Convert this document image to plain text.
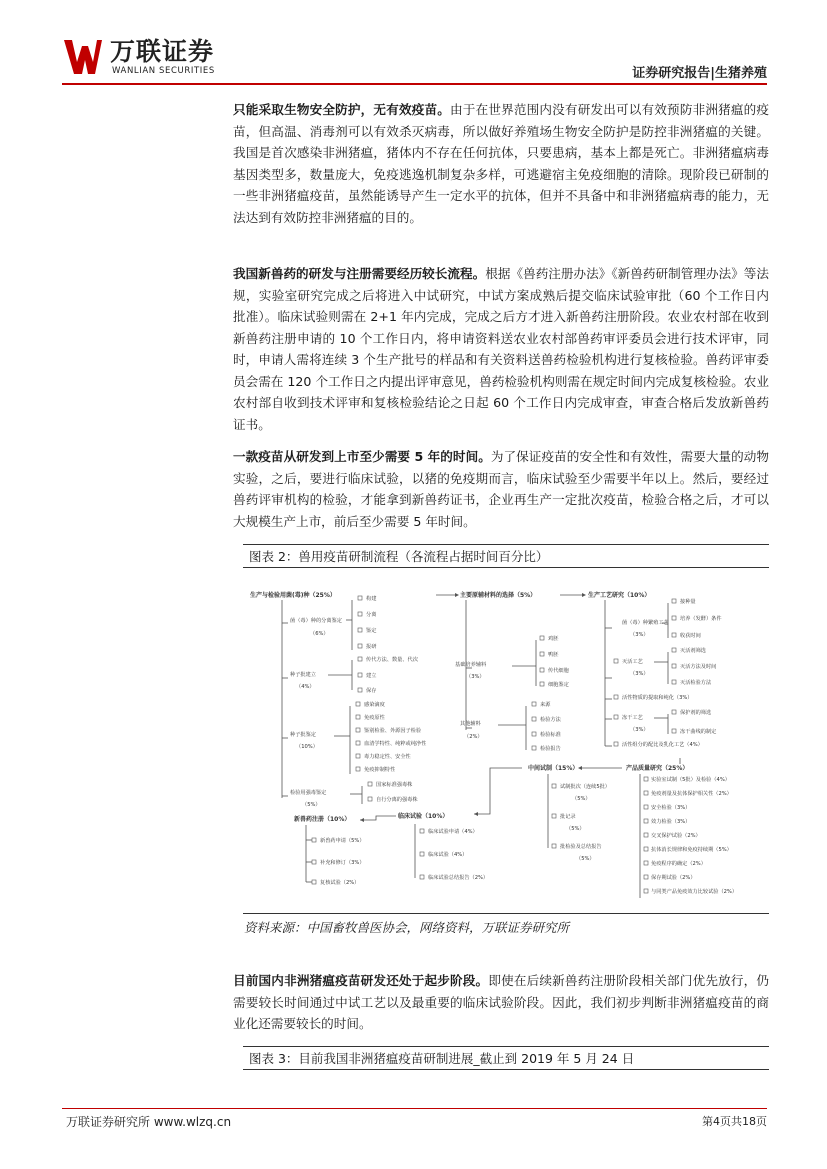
万联证券
WANLIAN SECURITIES	证券研究报告|生猪养殖

只能采取生物安全防护，无有效疫苗。由于在世界范围内没有研发出可以有效预防非洲猪瘟的疫苗，但高温、消毒剂可以有效杀灭病毒，所以做好养殖场生物安全防护是防控非洲猪瘟的关键。我国是首次感染非洲猪瘟，猪体内不存在任何抗体，只要患病，基本上都是死亡。非洲猪瘟病毒基因类型多，数量庞大，免疫逃逸机制复杂多样，可逃避宿主免疫细胞的清除。现阶段已研制的一些非洲猪瘟疫苗，虽然能诱导产生一定水平的抗体，但并不具备中和非洲猪瘟病毒的能力，无法达到有效防控非洲猪瘟的目的。

我国新兽药的研发与注册需要经历较长流程。根据《兽药注册办法》《新兽药研制管理办法》等法规，实验室研究完成之后将进入中试研究，中试方案成熟后提交临床试验审批（60 个工作日内批准）。临床试验则需在 2+1 年内完成，完成之后方才进入新兽药注册阶段。农业农村部在收到新兽药注册申请的 10 个工作日内，将申请资料送农业农村部兽药审评委员会进行技术评审，同时，申请人需将连续 3 个生产批号的样品和有关资料送兽药检验机构进行复核检验。兽药评审委员会需在 120 个工作日之内提出评审意见，兽药检验机构则需在规定时间内完成复核检验。农业农村部自收到技术评审和复核检验结论之日起 60 个工作日内完成审查，审查合格后发放新兽药证书。

一款疫苗从研发到上市至少需要 5 年的时间。为了保证疫苗的安全性和有效性，需要大量的动物实验，之后，要进行临床试验，以猪的免疫期而言，临床试验至少需要半年以上。然后，要经过兽药评审机构的检验，才能拿到新兽药证书，企业再生产一定批次疫苗，检验合格之后，才可以大规模生产上市，前后至少需要 5 年时间。

图表 2：兽用疫苗研制流程（各流程占据时间百分比）
生产与检验用菌(毒)种（25%）
菌（毒）种的分离鉴定
（6%）
构建
分离
鉴定
报研
种子批建立
（4%）
传代方法、数量、代次
建立
保存
种子批鉴定
（10%）
感染滴度
免疫原性
鉴别检验、外源因子检验
血清学特性、纯粹或纯净性
毒力稳定性、安全性
免疫抑制特性
检验用强毒鉴定
（5%）
国家标准强毒株
自行分离的强毒株
主要原辅材料的选择（5%）
基础培养辅料
（3%）
鸡胚
鸭胚
传代细胞
细胞鉴定
其他辅料
（2%）
来源
检验方法
检验标准
检验报告
生产工艺研究（10%）
菌（毒）种繁殖工艺
（3%）
接种量
培养（发酵）条件
收获时间
灭活工艺
（3%）
灭活剂筛选
灭活方法及时间
灭活检验方法
活性物质的提取和纯化（3%）
冻干工艺
（3%）
保护剂的筛选
冻干曲线的制定
活性组分的配比及乳化工艺（4%）
产品质量研究（25%）
实验室试制（5批）及检验（4%）
免疫剂量及抗体保护相关性（2%）
安全检验（3%）
效力检验（3%）
交叉保护试验（2%）
抗体消长规律和免疫持续期（5%）
免疫程序的确定（2%）
保存期试验（2%）
与同类产品免疫效力比较试验（2%）
中间试制（15%）
试制批次（连续5批）
（5%）
批记录
（5%）
批检验及总结报告
（5%）
临床试验（10%）
临床试验申请（4%）
临床试验（4%）
临床试验总结报告（2%）
新兽药注册（10%）
新兽药申请（5%）
补充和修订（3%）
复核试验（2%）
资料来源：中国畜牧兽医协会，网络资料，万联证券研究所

目前国内非洲猪瘟疫苗研发还处于起步阶段。即使在后续新兽药注册阶段相关部门优先放行，仍需要较长时间通过中试工艺以及最重要的临床试验阶段。因此，我们初步判断非洲猪瘟疫苗的商业化还需要较长的时间。

图表 3：目前我国非洲猪瘟疫苗研制进展_截止到 2019 年 5 月 24 日
万联证券研究所 www.wlzq.cn	第4页共18页
